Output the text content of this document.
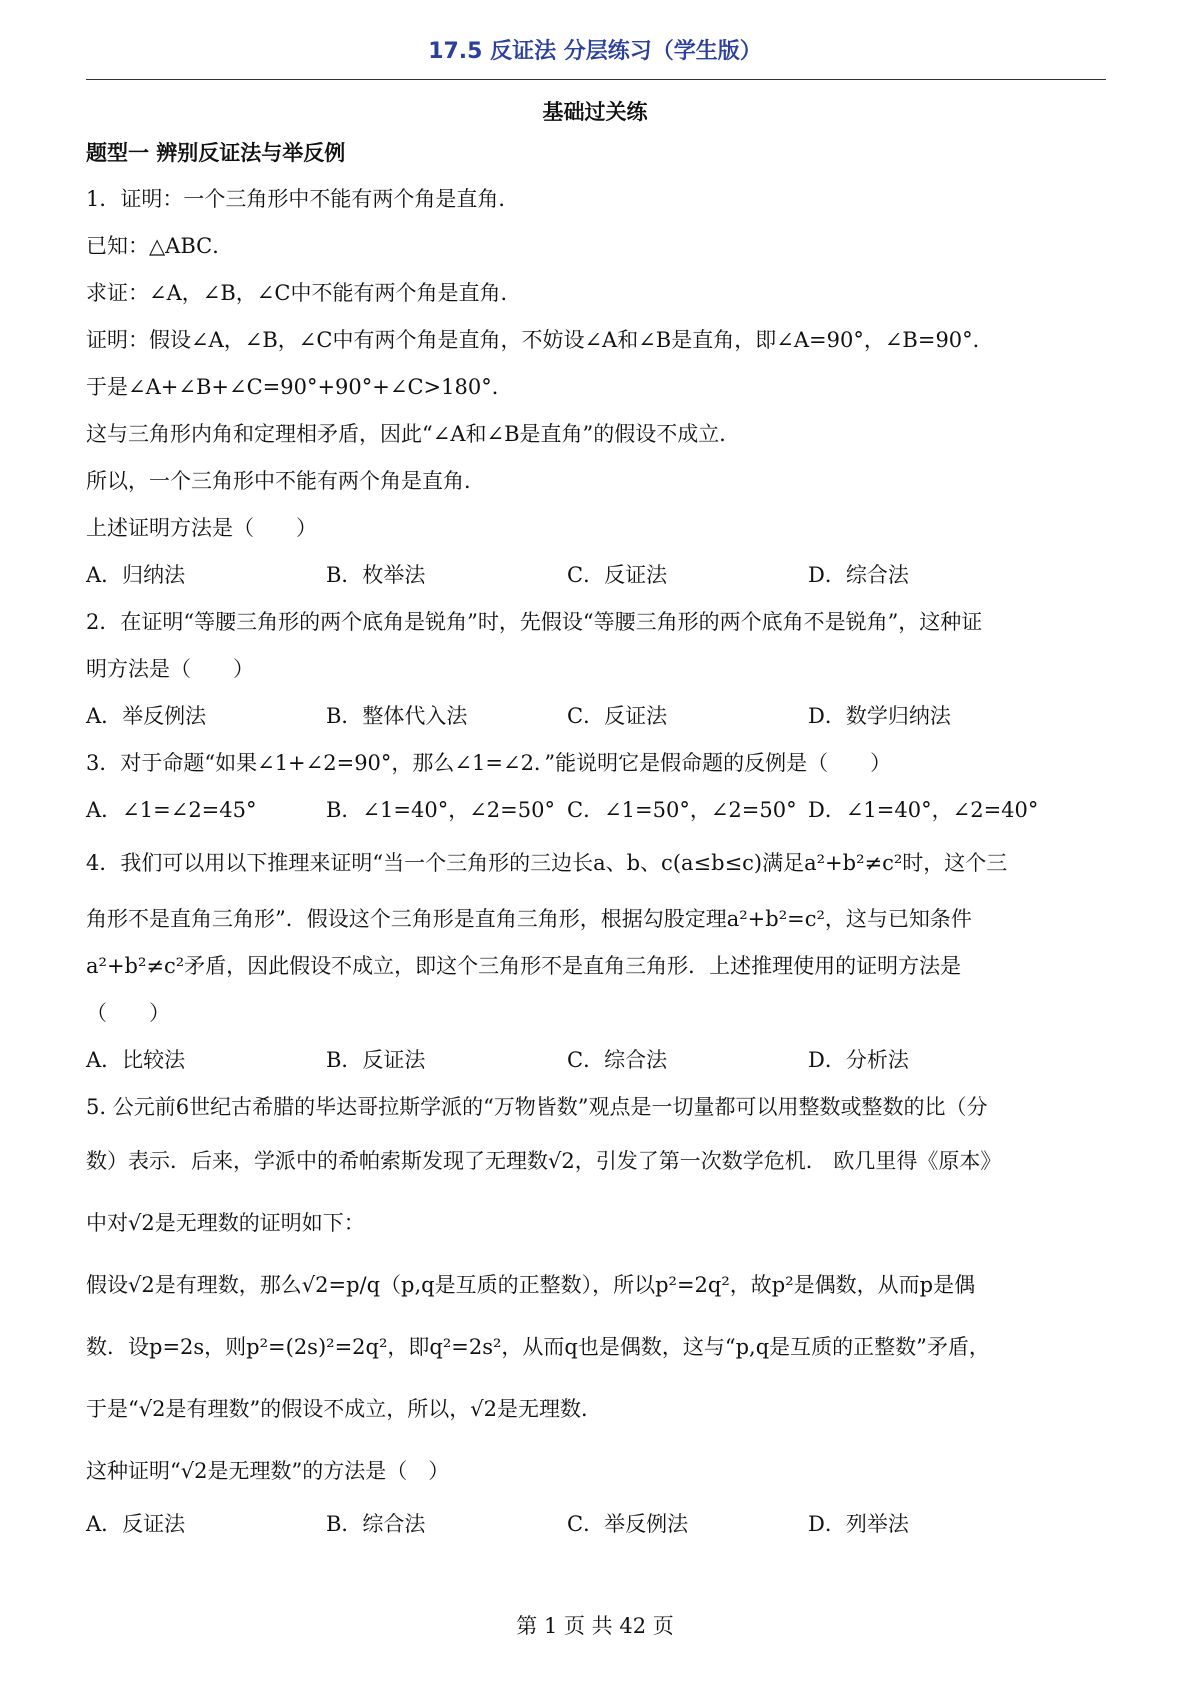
17.5 反证法 分层练习（学生版）
基础过关练
题型一 辨别反证法与举反例
1．证明：一个三角形中不能有两个角是直角．
已知：△ABC．
求证：∠A，∠B，∠C中不能有两个角是直角．
证明：假设∠A，∠B，∠C中有两个角是直角，不妨设∠A和∠B是直角，即∠A=90°，∠B=90°．
于是∠A+∠B+∠C=90°+90°+∠C>180°．
这与三角形内角和定理相矛盾，因此“∠A和∠B是直角”的假设不成立．
所以，一个三角形中不能有两个角是直角．
上述证明方法是（　　）
A．归纳法	B．枚举法	C．反证法	D．综合法
2．在证明“等腰三角形的两个底角是锐角”时，先假设“等腰三角形的两个底角不是锐角”，这种证
明方法是（　　）
A．举反例法	B．整体代入法	C．反证法	D．数学归纳法
3．对于命题“如果∠1+∠2=90°，那么∠1=∠2．”能说明它是假命题的反例是（　　）
A．∠1=∠2=45°	B．∠1=40°，∠2=50° C．∠1=50°，∠2=50° D．∠1=40°，∠2=40°
4．我们可以用以下推理来证明“当一个三角形的三边长a、b、c(a≤b≤c)满足a²+b²≠c²时，这个三
角形不是直角三角形”．假设这个三角形是直角三角形，根据勾股定理a²+b²=c²，这与已知条件
a²+b²≠c²矛盾，因此假设不成立，即这个三角形不是直角三角形．上述推理使用的证明方法是
（　　）
A．比较法	B．反证法	C．综合法	D．分析法
5. 公元前6世纪古希腊的毕达哥拉斯学派的“万物皆数”观点是一切量都可以用整数或整数的比（分
数）表示．后来，学派中的希帕索斯发现了无理数√2，引发了第一次数学危机． 欧几里得《原本》
中对√2是无理数的证明如下：
假设√2是有理数，那么√2=p/q（p,q是互质的正整数），所以p²=2q²，故p²是偶数，从而p是偶
数．设p=2s，则p²=(2s)²=2q²，即q²=2s²，从而q也是偶数，这与“p,q是互质的正整数”矛盾，
于是“√2是有理数”的假设不成立，所以，√2是无理数．
这种证明“√2是无理数”的方法是（　）
A．反证法	B．综合法	C．举反例法	D．列举法
第 1 页 共 42 页
